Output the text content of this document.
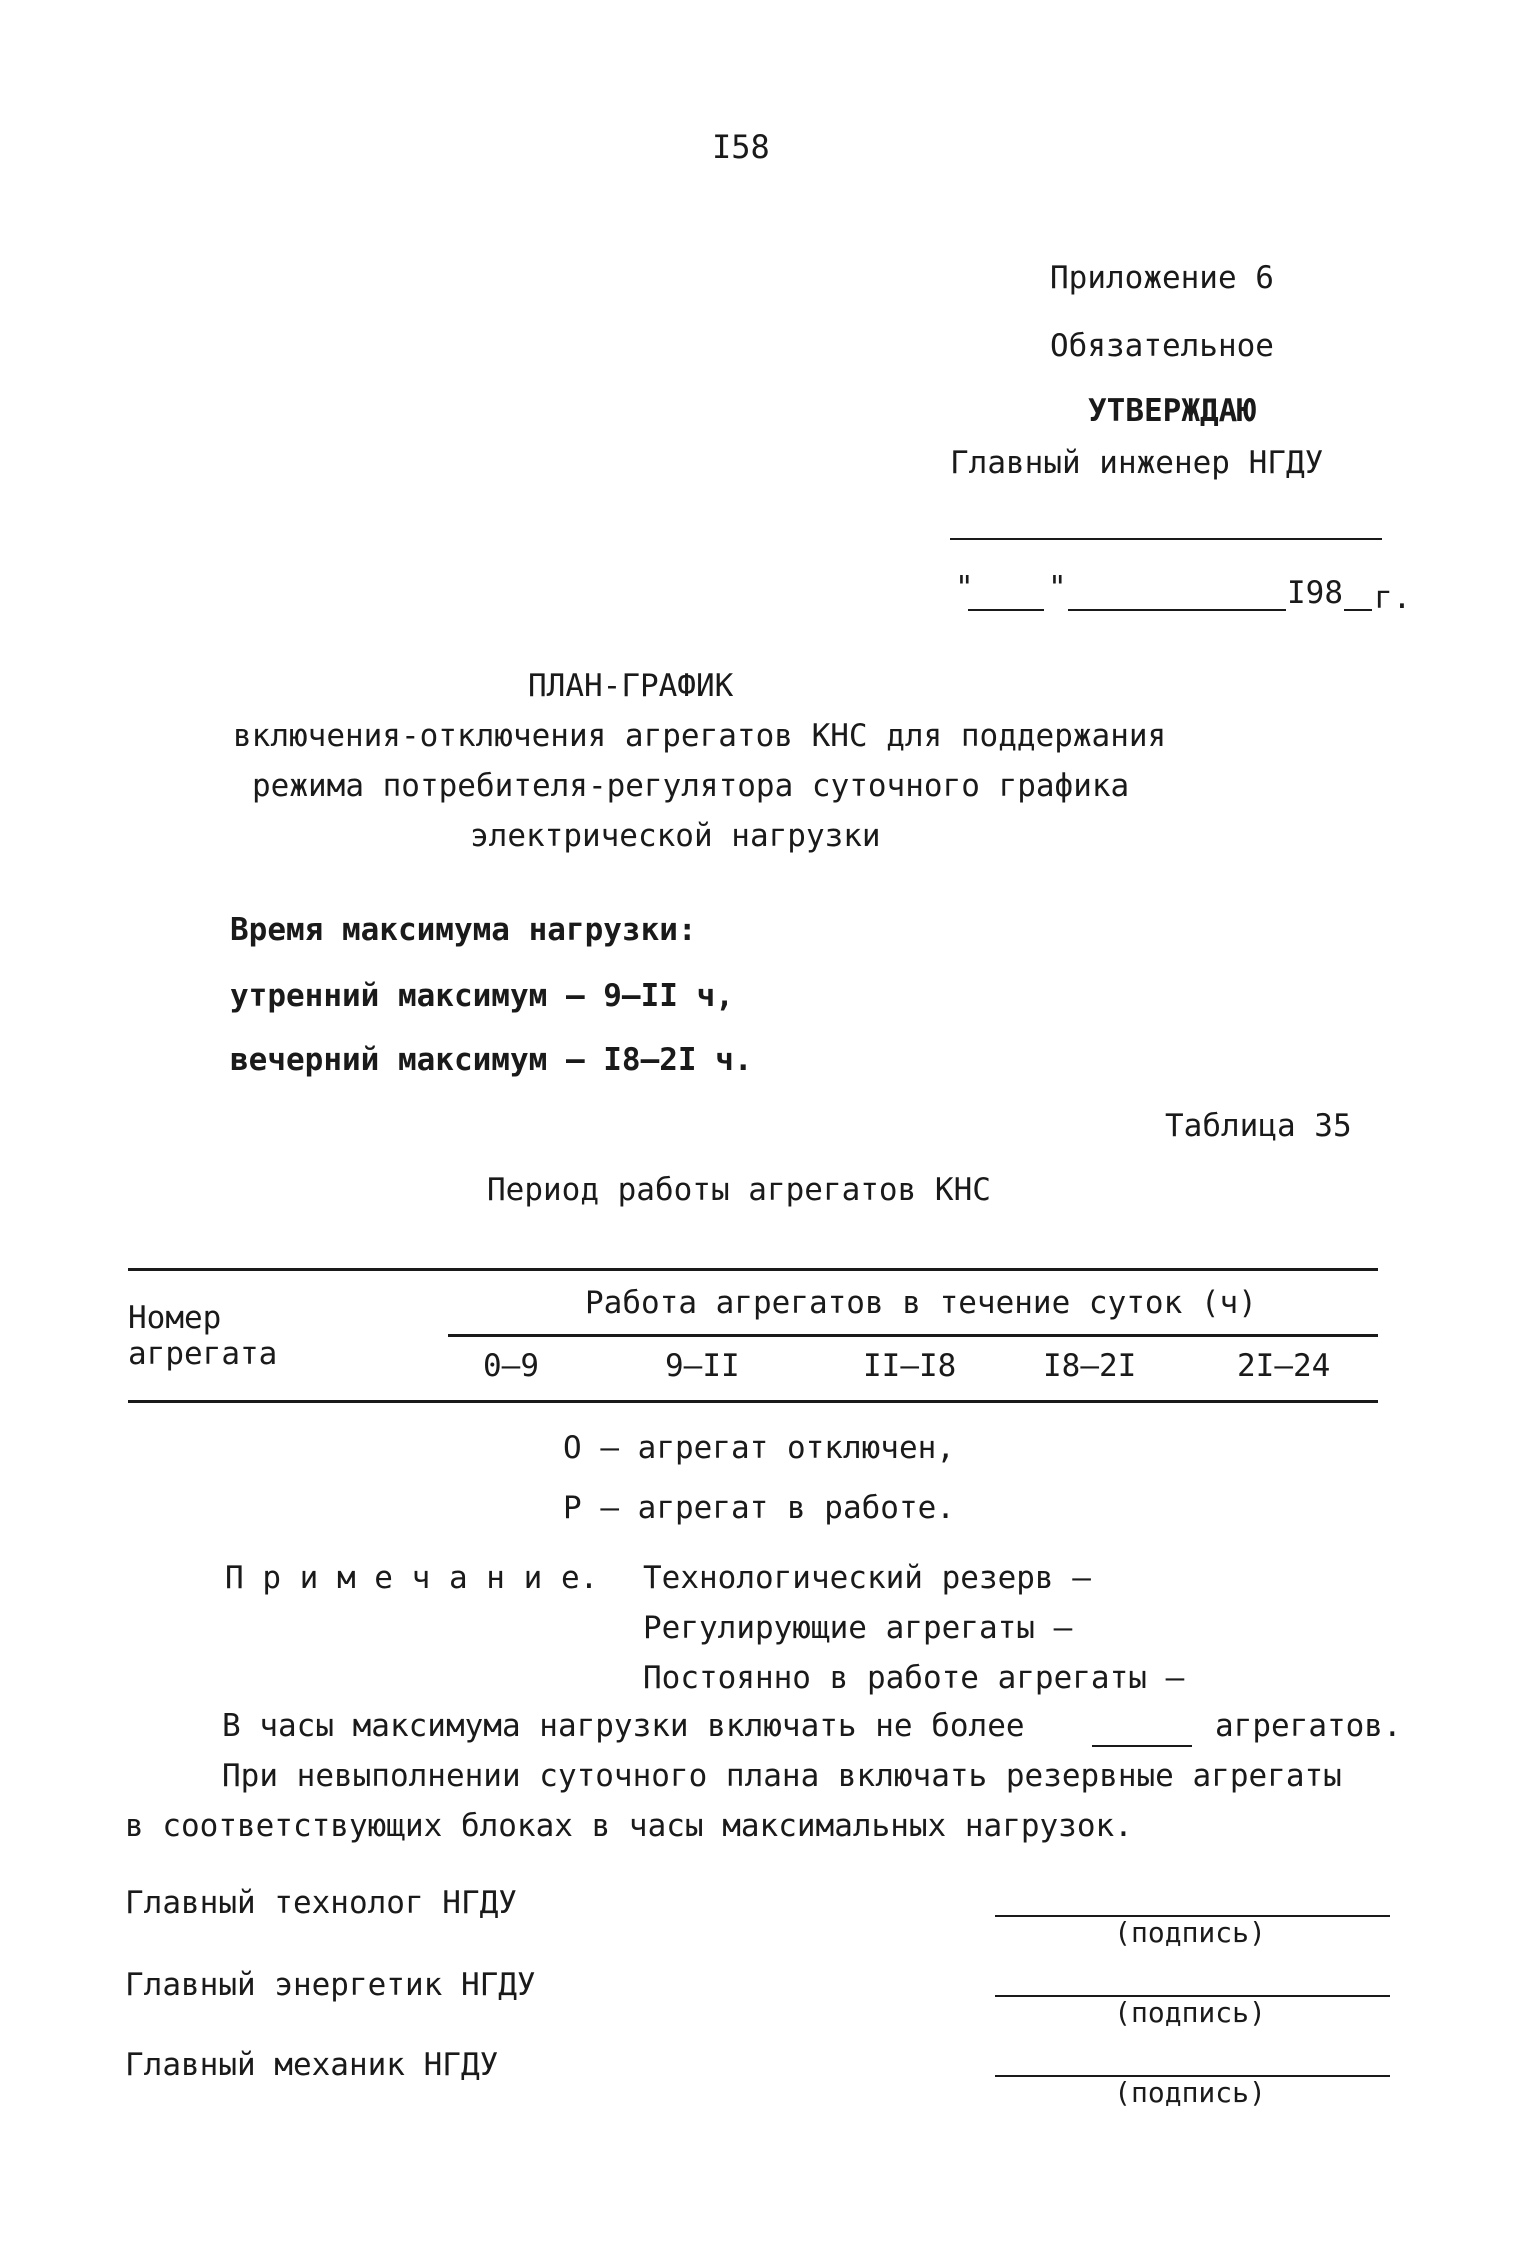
I58
Приложение 6
Обязательное
УТВЕРЖДАЮ
Главный инженер НГДУ
" "	I98 г.
ПЛАН-ГРАФИК
включения-отключения агрегатов КНС для поддержания
режима потребителя-регулятора суточного графика
электрической нагрузки
Время максимума нагрузки:
утренний максимум – 9–II ч,
вечерний максимум – I8–2I ч.
Таблица 35
Период работы агрегатов КНС
Номер агрегата
Работа агрегатов в течение суток (ч)
0–9	9–II	II–I8	I8–2I	2I–24
О – агрегат отключен,
Р – агрегат в работе.
П р и м е ч а н и е. Технологический резерв –
Регулирующие агрегаты –
Постоянно в работе агрегаты –
В часы максимума нагрузки включать не более	агрегатов.
При невыполнении суточного плана включать резервные агрегаты
в соответствующих блоках в часы максимальных нагрузок.
Главный технолог НГДУ
(подпись)
Главный энергетик НГДУ
(подпись)
Главный механик НГДУ
(подпись)
